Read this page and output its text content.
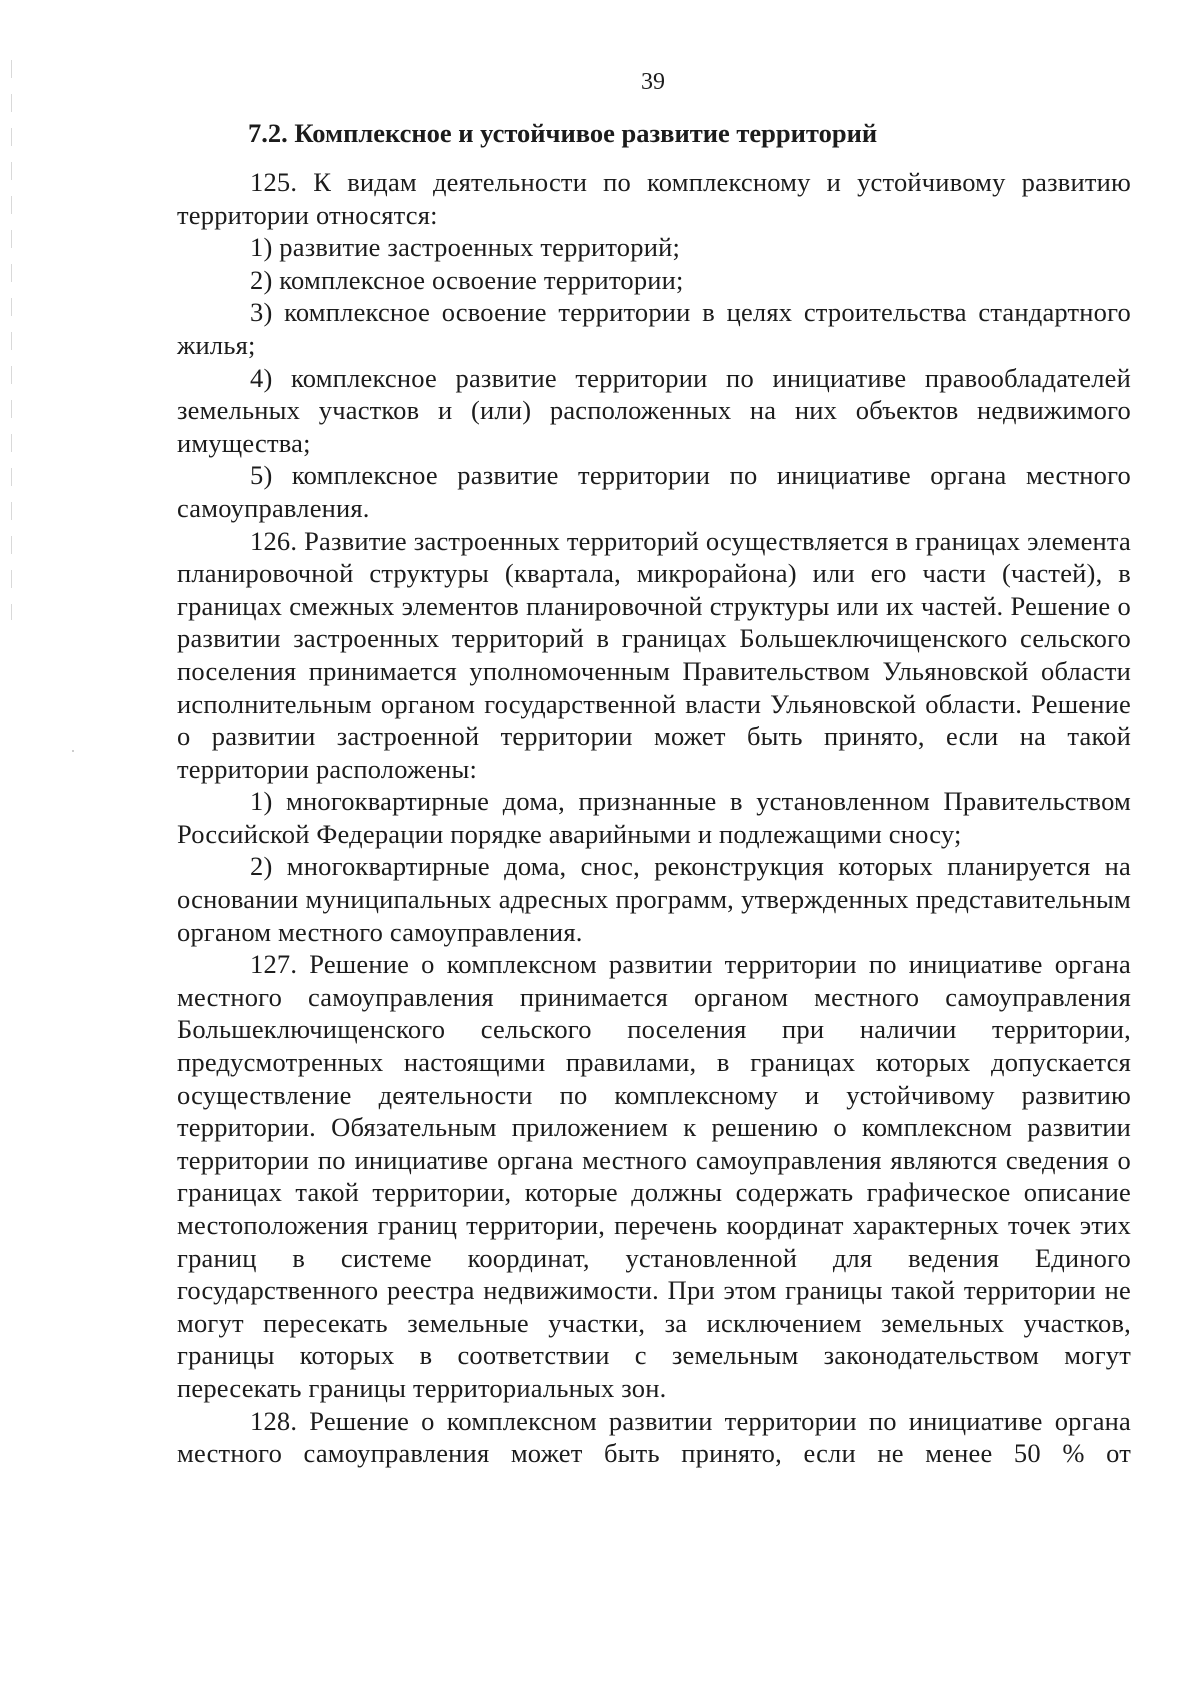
39
7.2. Комплексное и устойчивое развитие территорий

125. К видам деятельности по комплексному и устойчивому развитию территории относятся:

1) развитие застроенных территорий;

2) комплексное освоение территории;

3) комплексное освоение территории в целях строительства стандартного жилья;

4) комплексное развитие территории по инициативе правообладателей земельных участков и (или) расположенных на них объектов недвижимого имущества;

5) комплексное развитие территории по инициативе органа местного самоуправления.

126. Развитие застроенных территорий осуществляется в границах элемента планировочной структуры (квартала, микрорайона) или его части (частей), в границах смежных элементов планировочной структуры или их частей. Решение о развитии застроенных территорий в границах Большеключищенского сельского поселения принимается уполномоченным Правительством Ульяновской области исполнительным органом государственной власти Ульяновской области. Решение о развитии застроенной территории может быть принято, если на такой территории расположены:

1) многоквартирные дома, признанные в установленном Правительством Российской Федерации порядке аварийными и подлежащими сносу;

2) многоквартирные дома, снос, реконструкция которых планируется на основании муниципальных адресных программ, утвержденных представительным органом местного самоуправления.

127. Решение о комплексном развитии территории по инициативе органа местного самоуправления принимается органом местного самоуправления Большеключищенского сельского поселения при наличии территории, предусмотренных настоящими правилами, в границах которых допускается осуществление деятельности по комплексному и устойчивому развитию территории. Обязательным приложением к решению о комплексном развитии территории по инициативе органа местного самоуправления являются сведения о границах такой территории, которые должны содержать графическое описание местоположения границ территории, перечень координат характерных точек этих границ в системе координат, установленной для ведения Единого государственного реестра недвижимости. При этом границы такой территории не могут пересекать земельные участки, за исключением земельных участков, границы которых в соответствии с земельным законодательством могут пересекать границы территориальных зон.

128. Решение о комплексном развитии территории по инициативе органа местного самоуправления может быть принято, если не менее 50 % от
